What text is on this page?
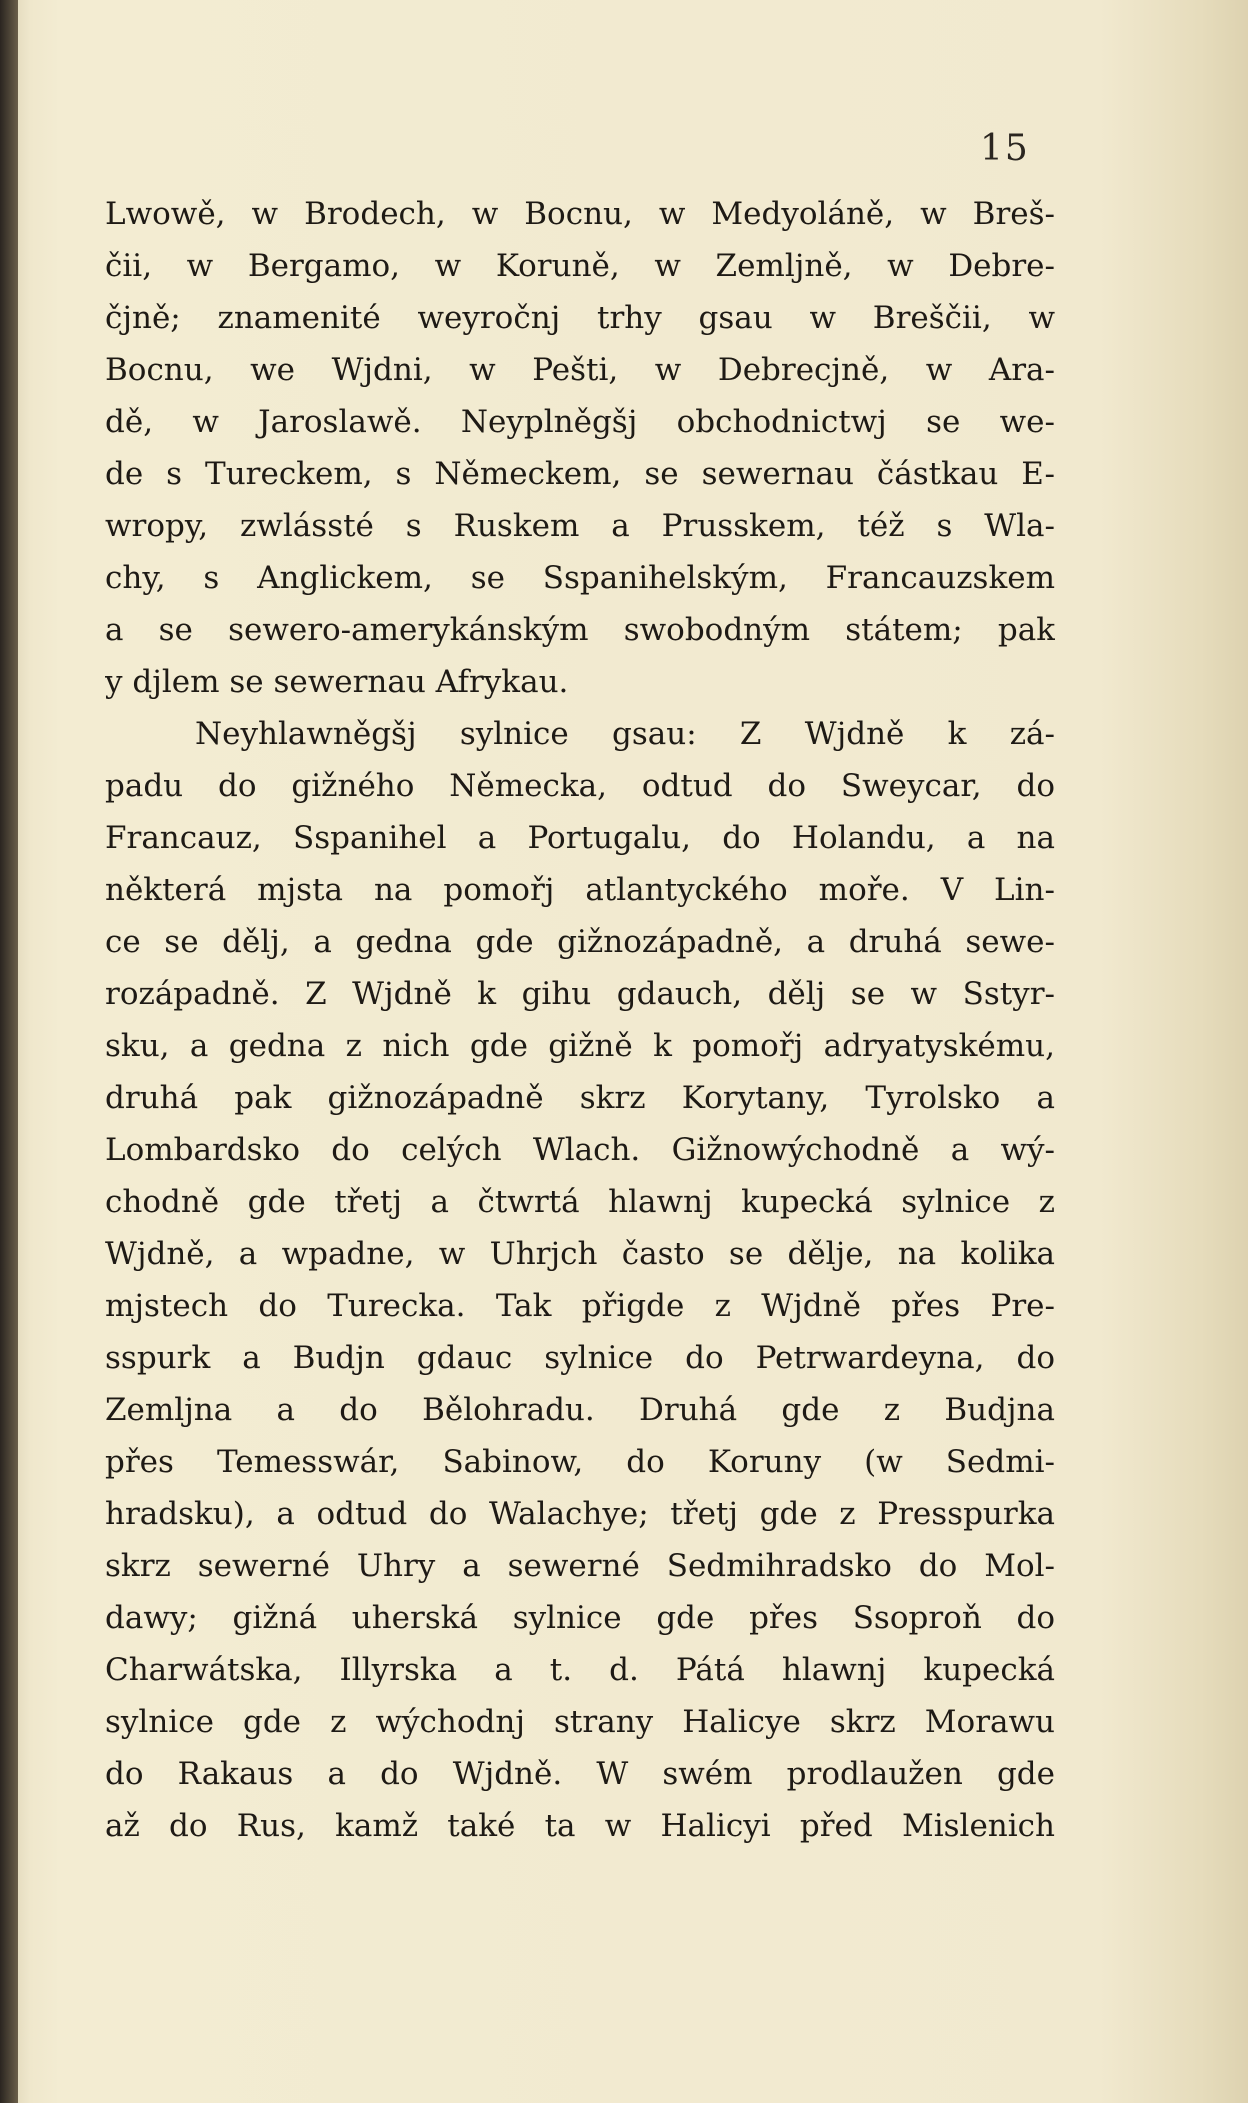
15
Lwowě, w Brodech, w Bocnu, w Medyoláně, w Breš-
čii, w Bergamo, w Koruně, w Zemljně, w Debre-
čjně; znamenité weyročnj trhy gsau w Breščii, w
Bocnu, we Wjdni, w Pešti, w Debrecjně, w Ara-
dě, w Jaroslawě. Neyplněgšj obchodnictwj se we-
de s Tureckem, s Německem, se sewernau částkau E-
wropy, zwlássté s Ruskem a Prusskem, též s Wla-
chy, s Anglickem, se Sspanihelským, Francauzskem
a se sewero-amerykánským swobodným státem; pak
y djlem se sewernau Afrykau.
Neyhlawněgšj sylnice gsau: Z Wjdně k zá-
padu do gižného Německa, odtud do Sweycar, do
Francauz, Sspanihel a Portugalu, do Holandu, a na
některá mjsta na pomořj atlantyckého moře. V Lin-
ce se dělj, a gedna gde gižnozápadně, a druhá sewe-
rozápadně. Z Wjdně k gihu gdauch, dělj se w Sstyr-
sku, a gedna z nich gde gižně k pomořj adryatyskému,
druhá pak gižnozápadně skrz Korytany, Tyrolsko a
Lombardsko do celých Wlach. Gižnowýchodně a wý-
chodně gde třetj a čtwrtá hlawnj kupecká sylnice z
Wjdně, a wpadne, w Uhrjch často se dělje, na kolika
mjstech do Turecka. Tak přigde z Wjdně přes Pre-
sspurk a Budjn gdauc sylnice do Petrwardeyna, do
Zemljna a do Bělohradu. Druhá gde z Budjna
přes Temesswár, Sabinow, do Koruny (w Sedmi-
hradsku), a odtud do Walachye; třetj gde z Presspurka
skrz sewerné Uhry a sewerné Sedmihradsko do Mol-
dawy; gižná uherská sylnice gde přes Ssoproň do
Charwátska, Illyrska a t. d. Pátá hlawnj kupecká
sylnice gde z wýchodnj strany Halicye skrz Morawu
do Rakaus a do Wjdně. W swém prodlaužen gde
až do Rus, kamž také ta w Halicyi před Mislenich
